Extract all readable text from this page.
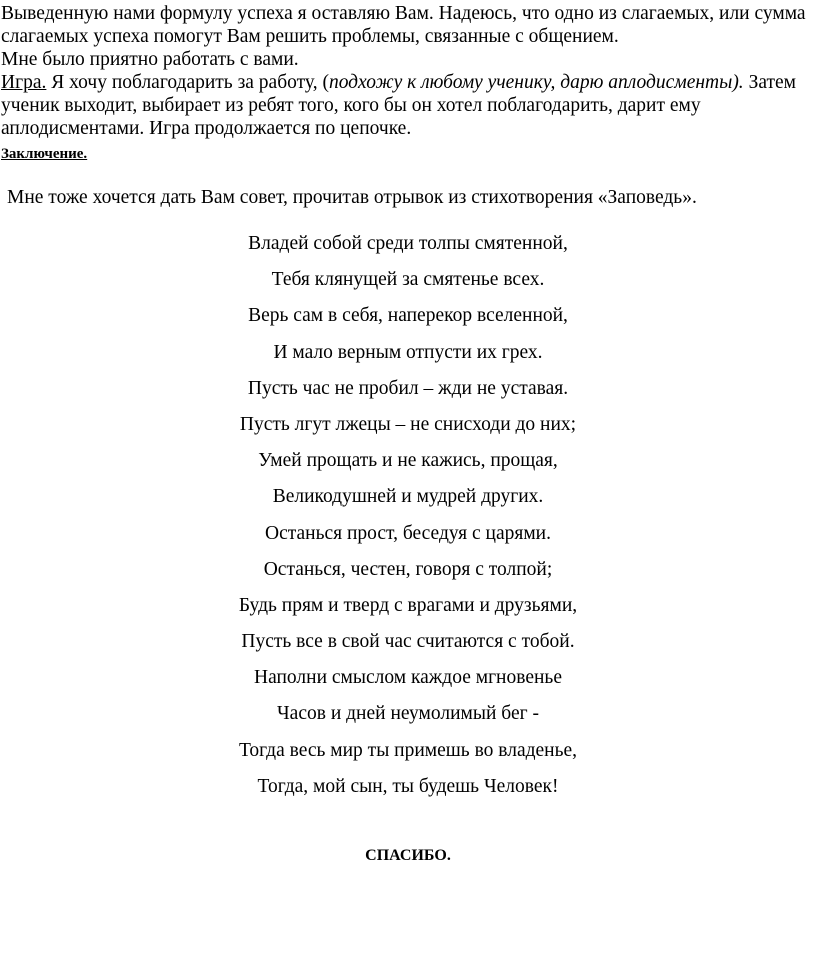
Выведенную нами формулу успеха я оставляю Вам. Надеюсь, что одно из слагаемых, или сумма слагаемых успеха помогут Вам решить проблемы, связанные с общением.

Мне было приятно работать с вами.

Игра. Я хочу поблагодарить за работу, (подхожу к любому ученику, дарю аплодисменты). Затем ученик выходит, выбирает из ребят того, кого бы он хотел поблагодарить, дарит ему аплодисментами. Игра продолжается по цепочке.

Заключение.

Мне тоже хочется дать Вам совет, прочитав отрывок из стихотворения «Заповедь».

Владей собой среди толпы смятенной,
Тебя клянущей за смятенье всех.
Верь сам в себя, наперекор вселенной,
И мало верным отпусти их грех.
Пусть час не пробил – жди не уставая.
Пусть лгут лжецы – не снисходи до них;
Умей прощать и не кажись, прощая,
Великодушней и мудрей других.
Останься прост, беседуя с царями.
Останься, честен, говоря с толпой;
Будь прям и тверд с врагами и друзьями,
Пусть все в свой час считаются с тобой.
Наполни смыслом каждое мгновенье
Часов и дней неумолимый бег -
Тогда весь мир ты примешь во владенье,
Тогда, мой сын, ты будешь Человек!

СПАСИБО.
